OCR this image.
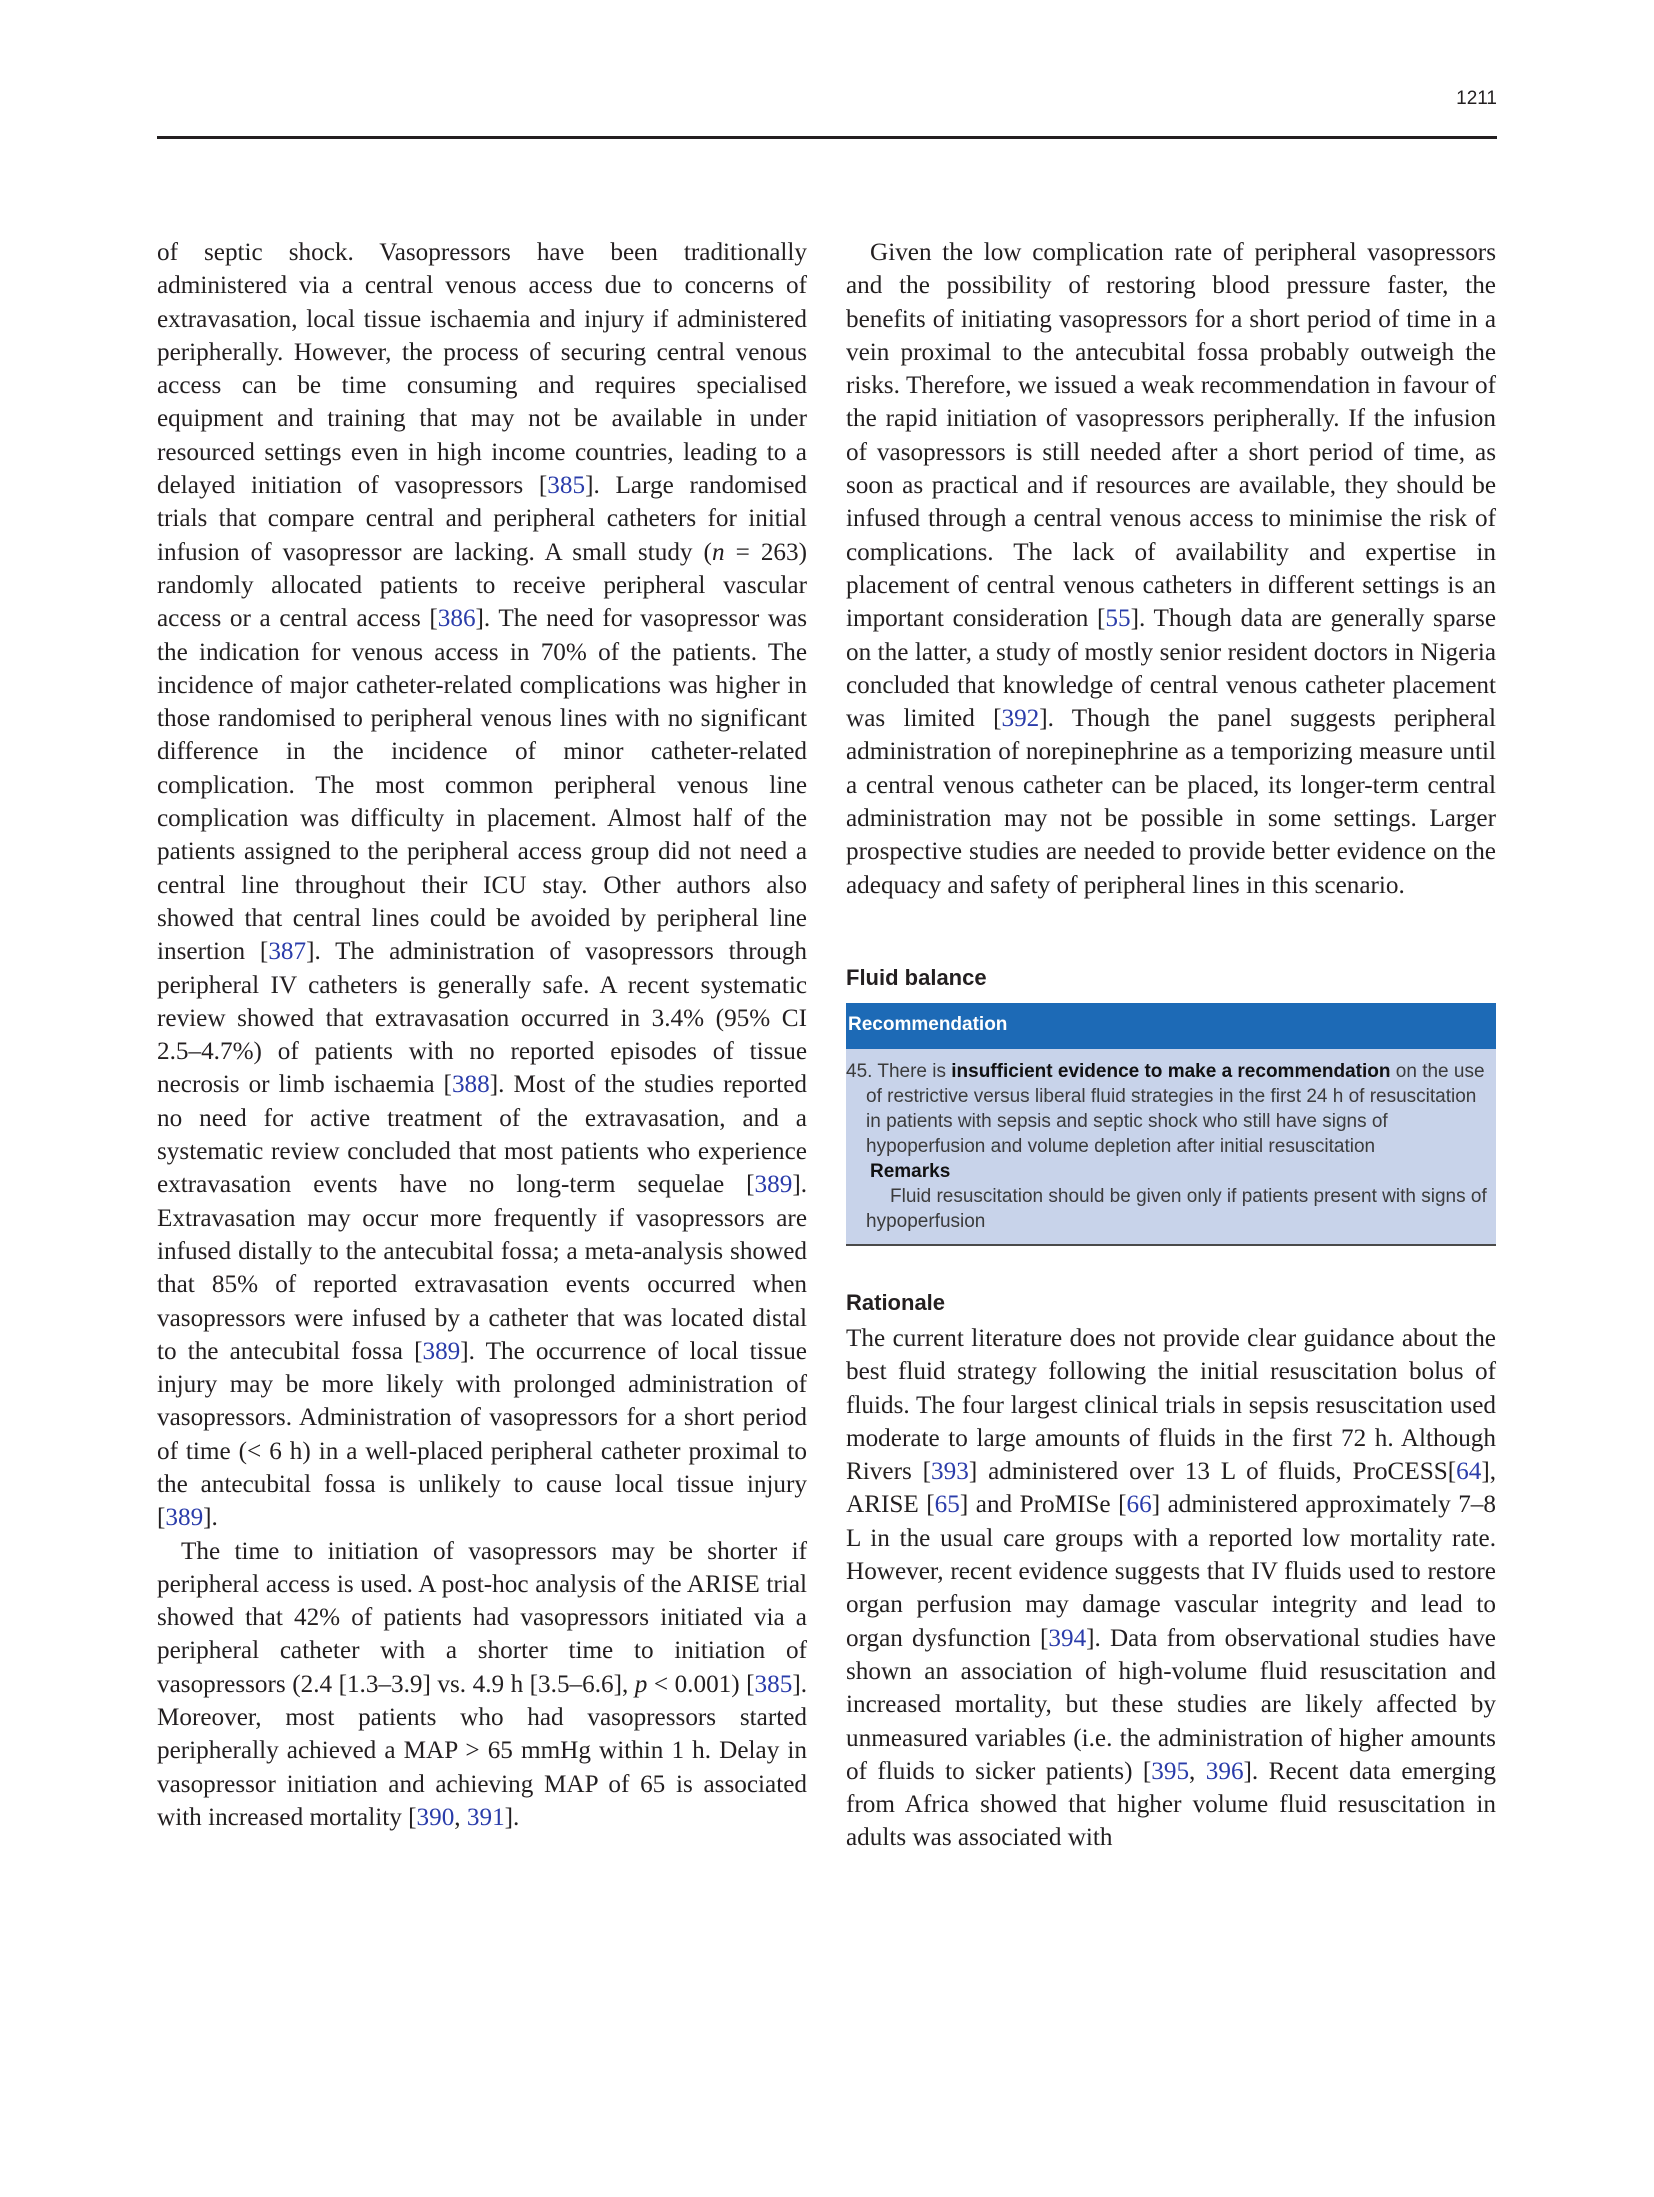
1211

of septic shock. Vasopressors have been traditionally administered via a central venous access due to concerns of extravasation, local tissue ischaemia and injury if administered peripherally. However, the process of securing central venous access can be time consuming and requires specialised equipment and training that may not be available in under resourced settings even in high income countries, leading to a delayed initiation of vasopressors [385]. Large randomised trials that compare central and peripheral catheters for initial infusion of vasopressor are lacking. A small study (n = 263) randomly allocated patients to receive peripheral vascular access or a central access [386]. The need for vasopressor was the indication for venous access in 70% of the patients. The incidence of major catheter-related complications was higher in those randomised to peripheral venous lines with no significant difference in the incidence of minor catheter-related complication. The most common peripheral venous line complication was difficulty in placement. Almost half of the patients assigned to the peripheral access group did not need a central line throughout their ICU stay. Other authors also showed that central lines could be avoided by peripheral line insertion [387]. The administration of vasopressors through peripheral IV catheters is generally safe. A recent systematic review showed that extravasation occurred in 3.4% (95% CI 2.5–4.7%) of patients with no reported episodes of tissue necrosis or limb ischaemia [388]. Most of the studies reported no need for active treatment of the extravasation, and a systematic review concluded that most patients who experience extravasation events have no long-term sequelae [389]. Extravasation may occur more frequently if vasopressors are infused distally to the antecubital fossa; a meta-analysis showed that 85% of reported extravasation events occurred when vasopressors were infused by a catheter that was located distal to the antecubital fossa [389]. The occurrence of local tissue injury may be more likely with prolonged administration of vasopressors. Administration of vasopressors for a short period of time (< 6 h) in a well-placed peripheral catheter proximal to the antecubital fossa is unlikely to cause local tissue injury [389].

The time to initiation of vasopressors may be shorter if peripheral access is used. A post-hoc analysis of the ARISE trial showed that 42% of patients had vasopressors initiated via a peripheral catheter with a shorter time to initiation of vasopressors (2.4 [1.3–3.9] vs. 4.9 h [3.5–6.6], p < 0.001) [385]. Moreover, most patients who had vasopressors started peripherally achieved a MAP > 65 mmHg within 1 h. Delay in vasopressor initiation and achieving MAP of 65 is associated with increased mortality [390, 391].

Given the low complication rate of peripheral vasopressors and the possibility of restoring blood pressure faster, the benefits of initiating vasopressors for a short period of time in a vein proximal to the antecubital fossa probably outweigh the risks. Therefore, we issued a weak recommendation in favour of the rapid initiation of vasopressors peripherally. If the infusion of vasopressors is still needed after a short period of time, as soon as practical and if resources are available, they should be infused through a central venous access to minimise the risk of complications. The lack of availability and expertise in placement of central venous catheters in different settings is an important consideration [55]. Though data are generally sparse on the latter, a study of mostly senior resident doctors in Nigeria concluded that knowledge of central venous catheter placement was limited [392]. Though the panel suggests peripheral administration of norepinephrine as a temporizing measure until a central venous catheter can be placed, its longer-term central administration may not be possible in some settings. Larger prospective studies are needed to provide better evidence on the adequacy and safety of peripheral lines in this scenario.

Fluid balance
Recommendation

45. There is insufficient evidence to make a recommendation on the use of restrictive versus liberal fluid strategies in the first 24 h of resuscitation in patients with sepsis and septic shock who still have signs of hypoperfusion and volume depletion after initial resuscitation

Remarks

Fluid resuscitation should be given only if patients present with signs of hypoperfusion

Rationale

The current literature does not provide clear guidance about the best fluid strategy following the initial resuscitation bolus of fluids. The four largest clinical trials in sepsis resuscitation used moderate to large amounts of fluids in the first 72 h. Although Rivers [393] administered over 13 L of fluids, ProCESS[64], ARISE [65] and ProMISe [66] administered approximately 7–8 L in the usual care groups with a reported low mortality rate. However, recent evidence suggests that IV fluids used to restore organ perfusion may damage vascular integrity and lead to organ dysfunction [394]. Data from observational studies have shown an association of high-volume fluid resuscitation and increased mortality, but these studies are likely affected by unmeasured variables (i.e. the administration of higher amounts of fluids to sicker patients) [395, 396]. Recent data emerging from Africa showed that higher volume fluid resuscitation in adults was associated with
